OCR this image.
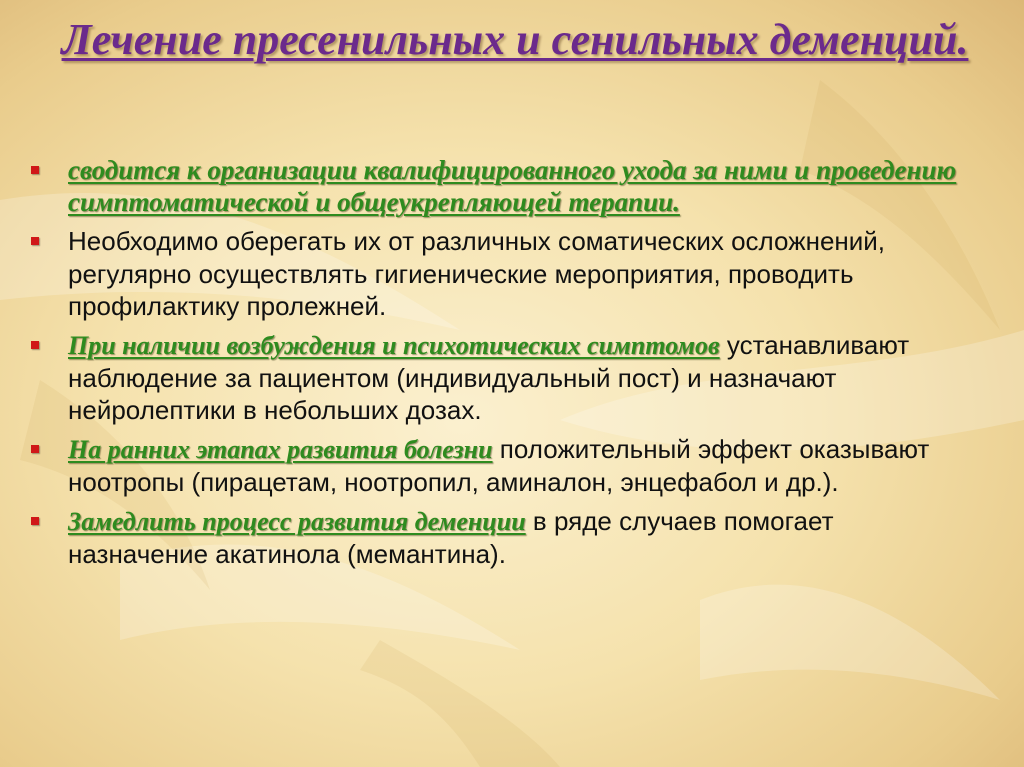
Лечение пресенильных и сенильных деменций.
сводится к организации квалифицированного ухода за ними и проведению симптоматической и общеукрепляющей терапии.
Необходимо оберегать их от различных соматических осложнений, регулярно осуществлять гигиенические мероприятия, проводить профилактику пролежней.
При наличии возбуждения и психотических симптомов устанавливают наблюдение за пациентом (индивидуальный пост) и назначают нейролептики в небольших дозах.
На ранних этапах развития болезни положительный эффект оказывают ноотропы (пирацетам, ноотропил, аминалон, энцефабол и др.).
Замедлить процесс развития деменции в ряде случаев помогает назначение акатинола (мемантина).
